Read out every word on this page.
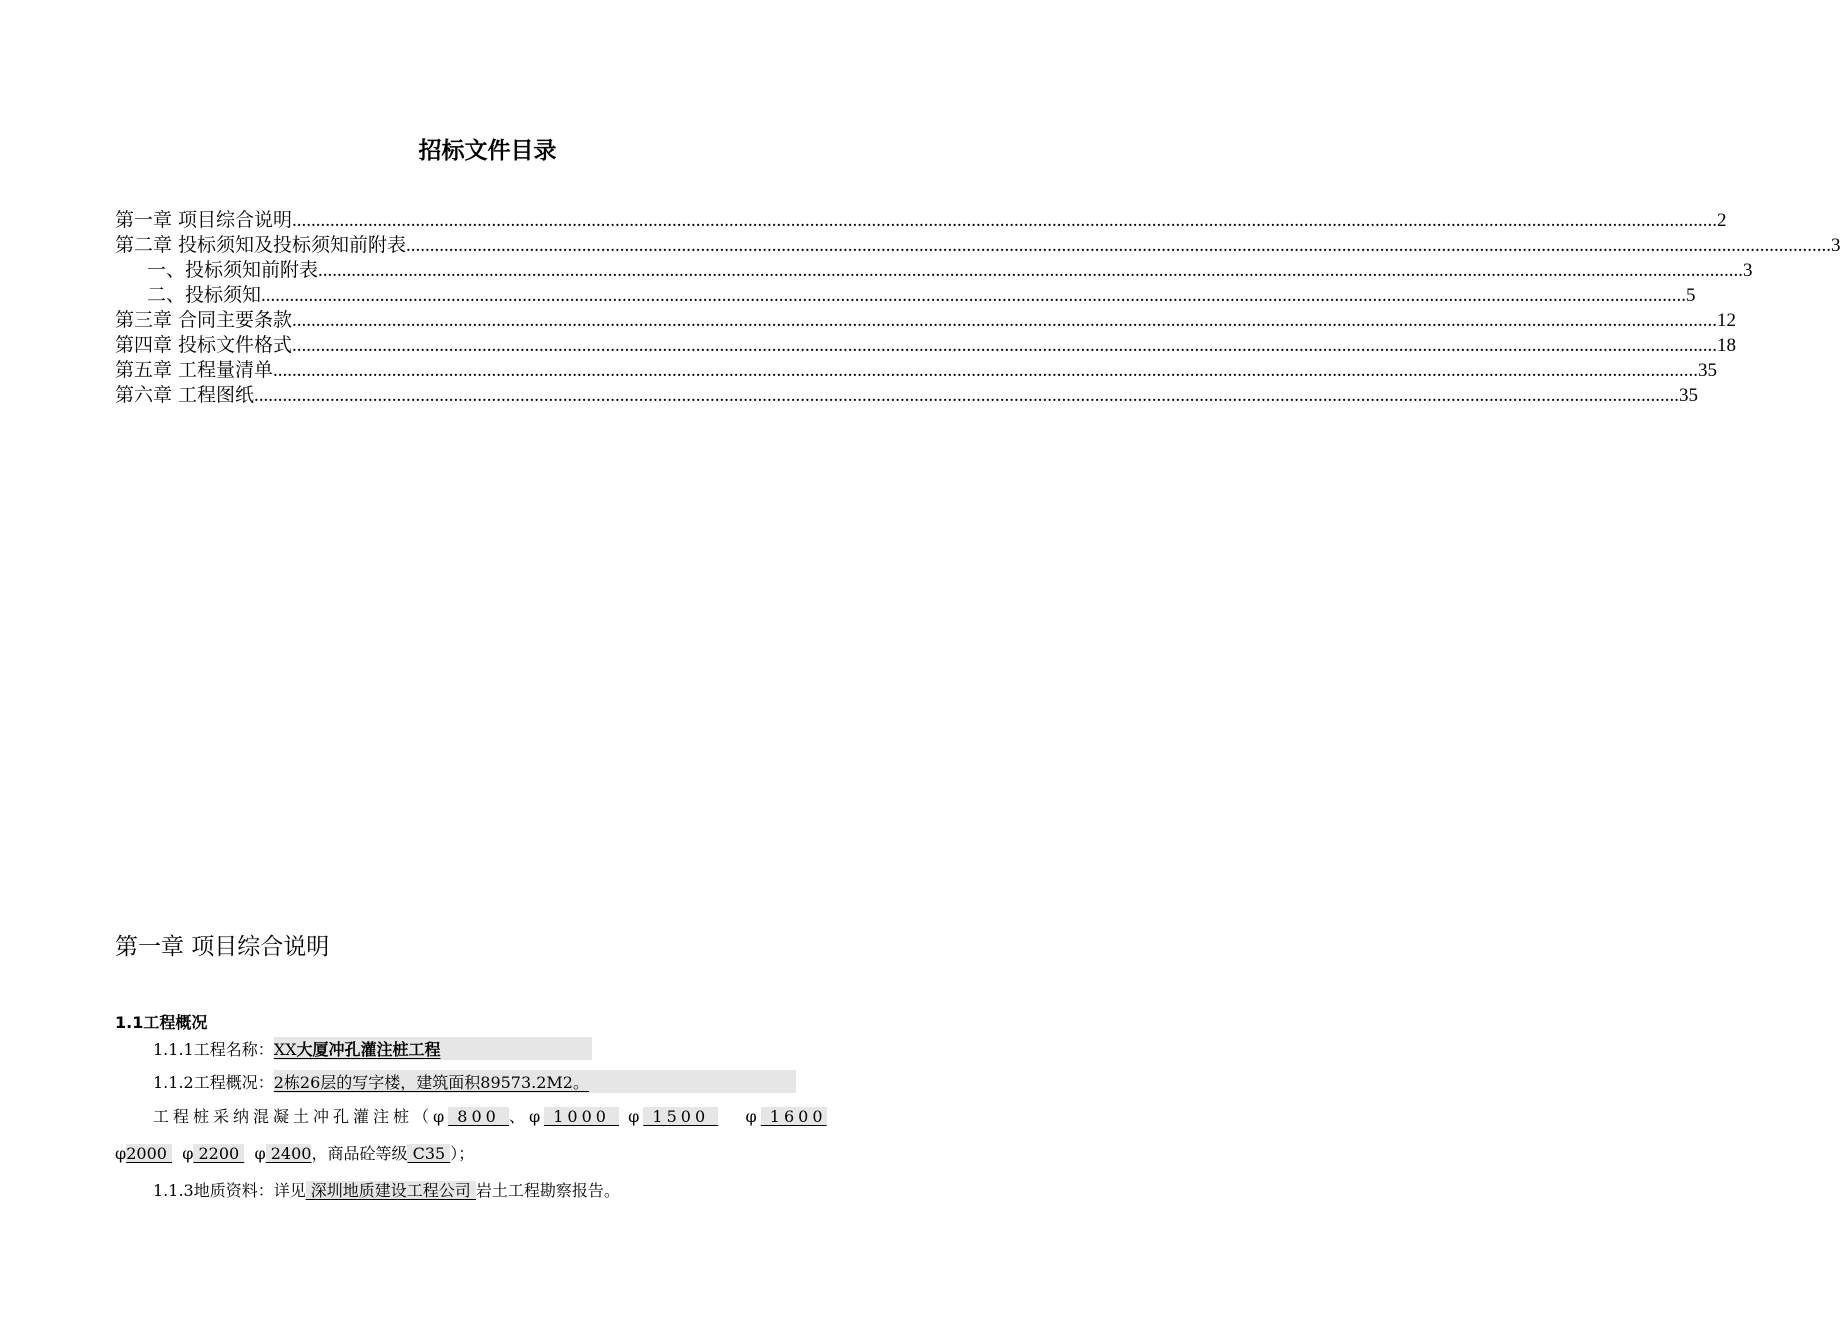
招标文件目录
第一章 项目综合说明 ............................................................................................................................................................................................................................................................................................................ 2
第二章 投标须知及投标须知前附表 ............................................................................................................................................................................................................................................................................................................ 3
一、投标须知前附表 ............................................................................................................................................................................................................................................................................................................ 3
二、投标须知 ............................................................................................................................................................................................................................................................................................................ 5
第三章 合同主要条款 ............................................................................................................................................................................................................................................................................................................ 12
第四章 投标文件格式 ............................................................................................................................................................................................................................................................................................................ 18
第五章 工程量清单 ............................................................................................................................................................................................................................................................................................................ 35
第六章 工程图纸 ............................................................................................................................................................................................................................................................................................................ 35
第一章 项目综合说明
1.1工程概况
1.1.1工程名称：XX大厦冲孔灌注桩工程
1.1.2工程概况：2栋26层的写字楼，建筑面积89573.2M2。
工程桩采纳混凝土冲孔灌注桩（φ 800 、φ 1000  φ 1500    φ 1600
φ2000   φ 2200   φ 2400，商品砼等级 C35 ）；
1.1.3地质资料：详见 深圳地质建设工程公司 岩土工程勘察报告。
